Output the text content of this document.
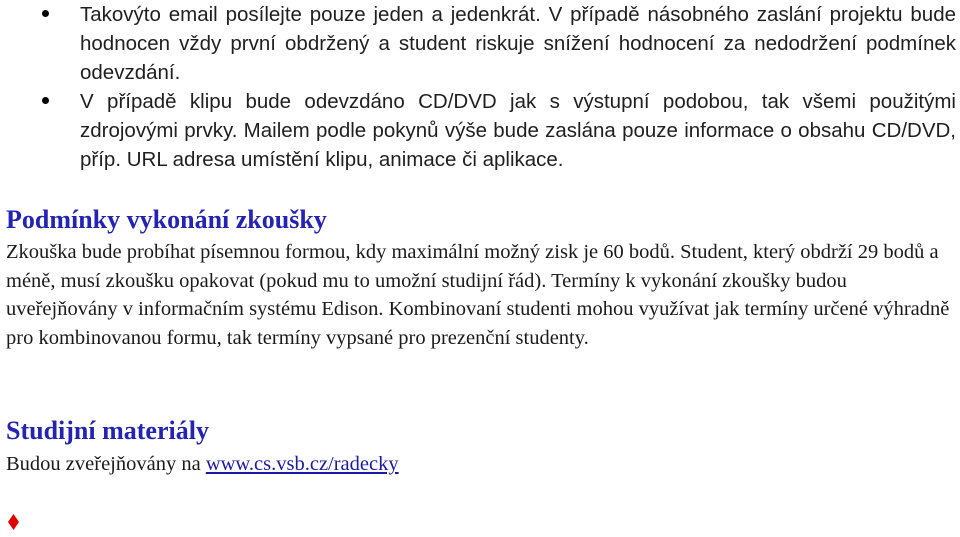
Takovýto email posílejte pouze jeden a jedenkrát. V případě násobného zaslání projektu bude hodnocen vždy první obdržený a student riskuje snížení hodnocení za nedodržení podmínek odevzdání.
V případě klipu bude odevzdáno CD/DVD jak s výstupní podobou, tak všemi použitými zdrojovými prvky. Mailem podle pokynů výše bude zaslána pouze informace o obsahu CD/DVD, příp. URL adresa umístění klipu, animace či aplikace.
Podmínky vykonání zkoušky

Zkouška bude probíhat písemnou formou, kdy maximální možný zisk je 60 bodů. Student, který obdrží 29 bodů a méně, musí zkoušku opakovat (pokud mu to umožní studijní řád). Termíny k vykonání zkoušky budou uveřejňovány v informačním systému Edison. Kombinovaní studenti mohou využívat jak termíny určené výhradně pro kombinovanou formu, tak termíny vypsané pro prezenční studenty.

Studijní materiály

Budou zveřejňovány na www.cs.vsb.cz/radecky
